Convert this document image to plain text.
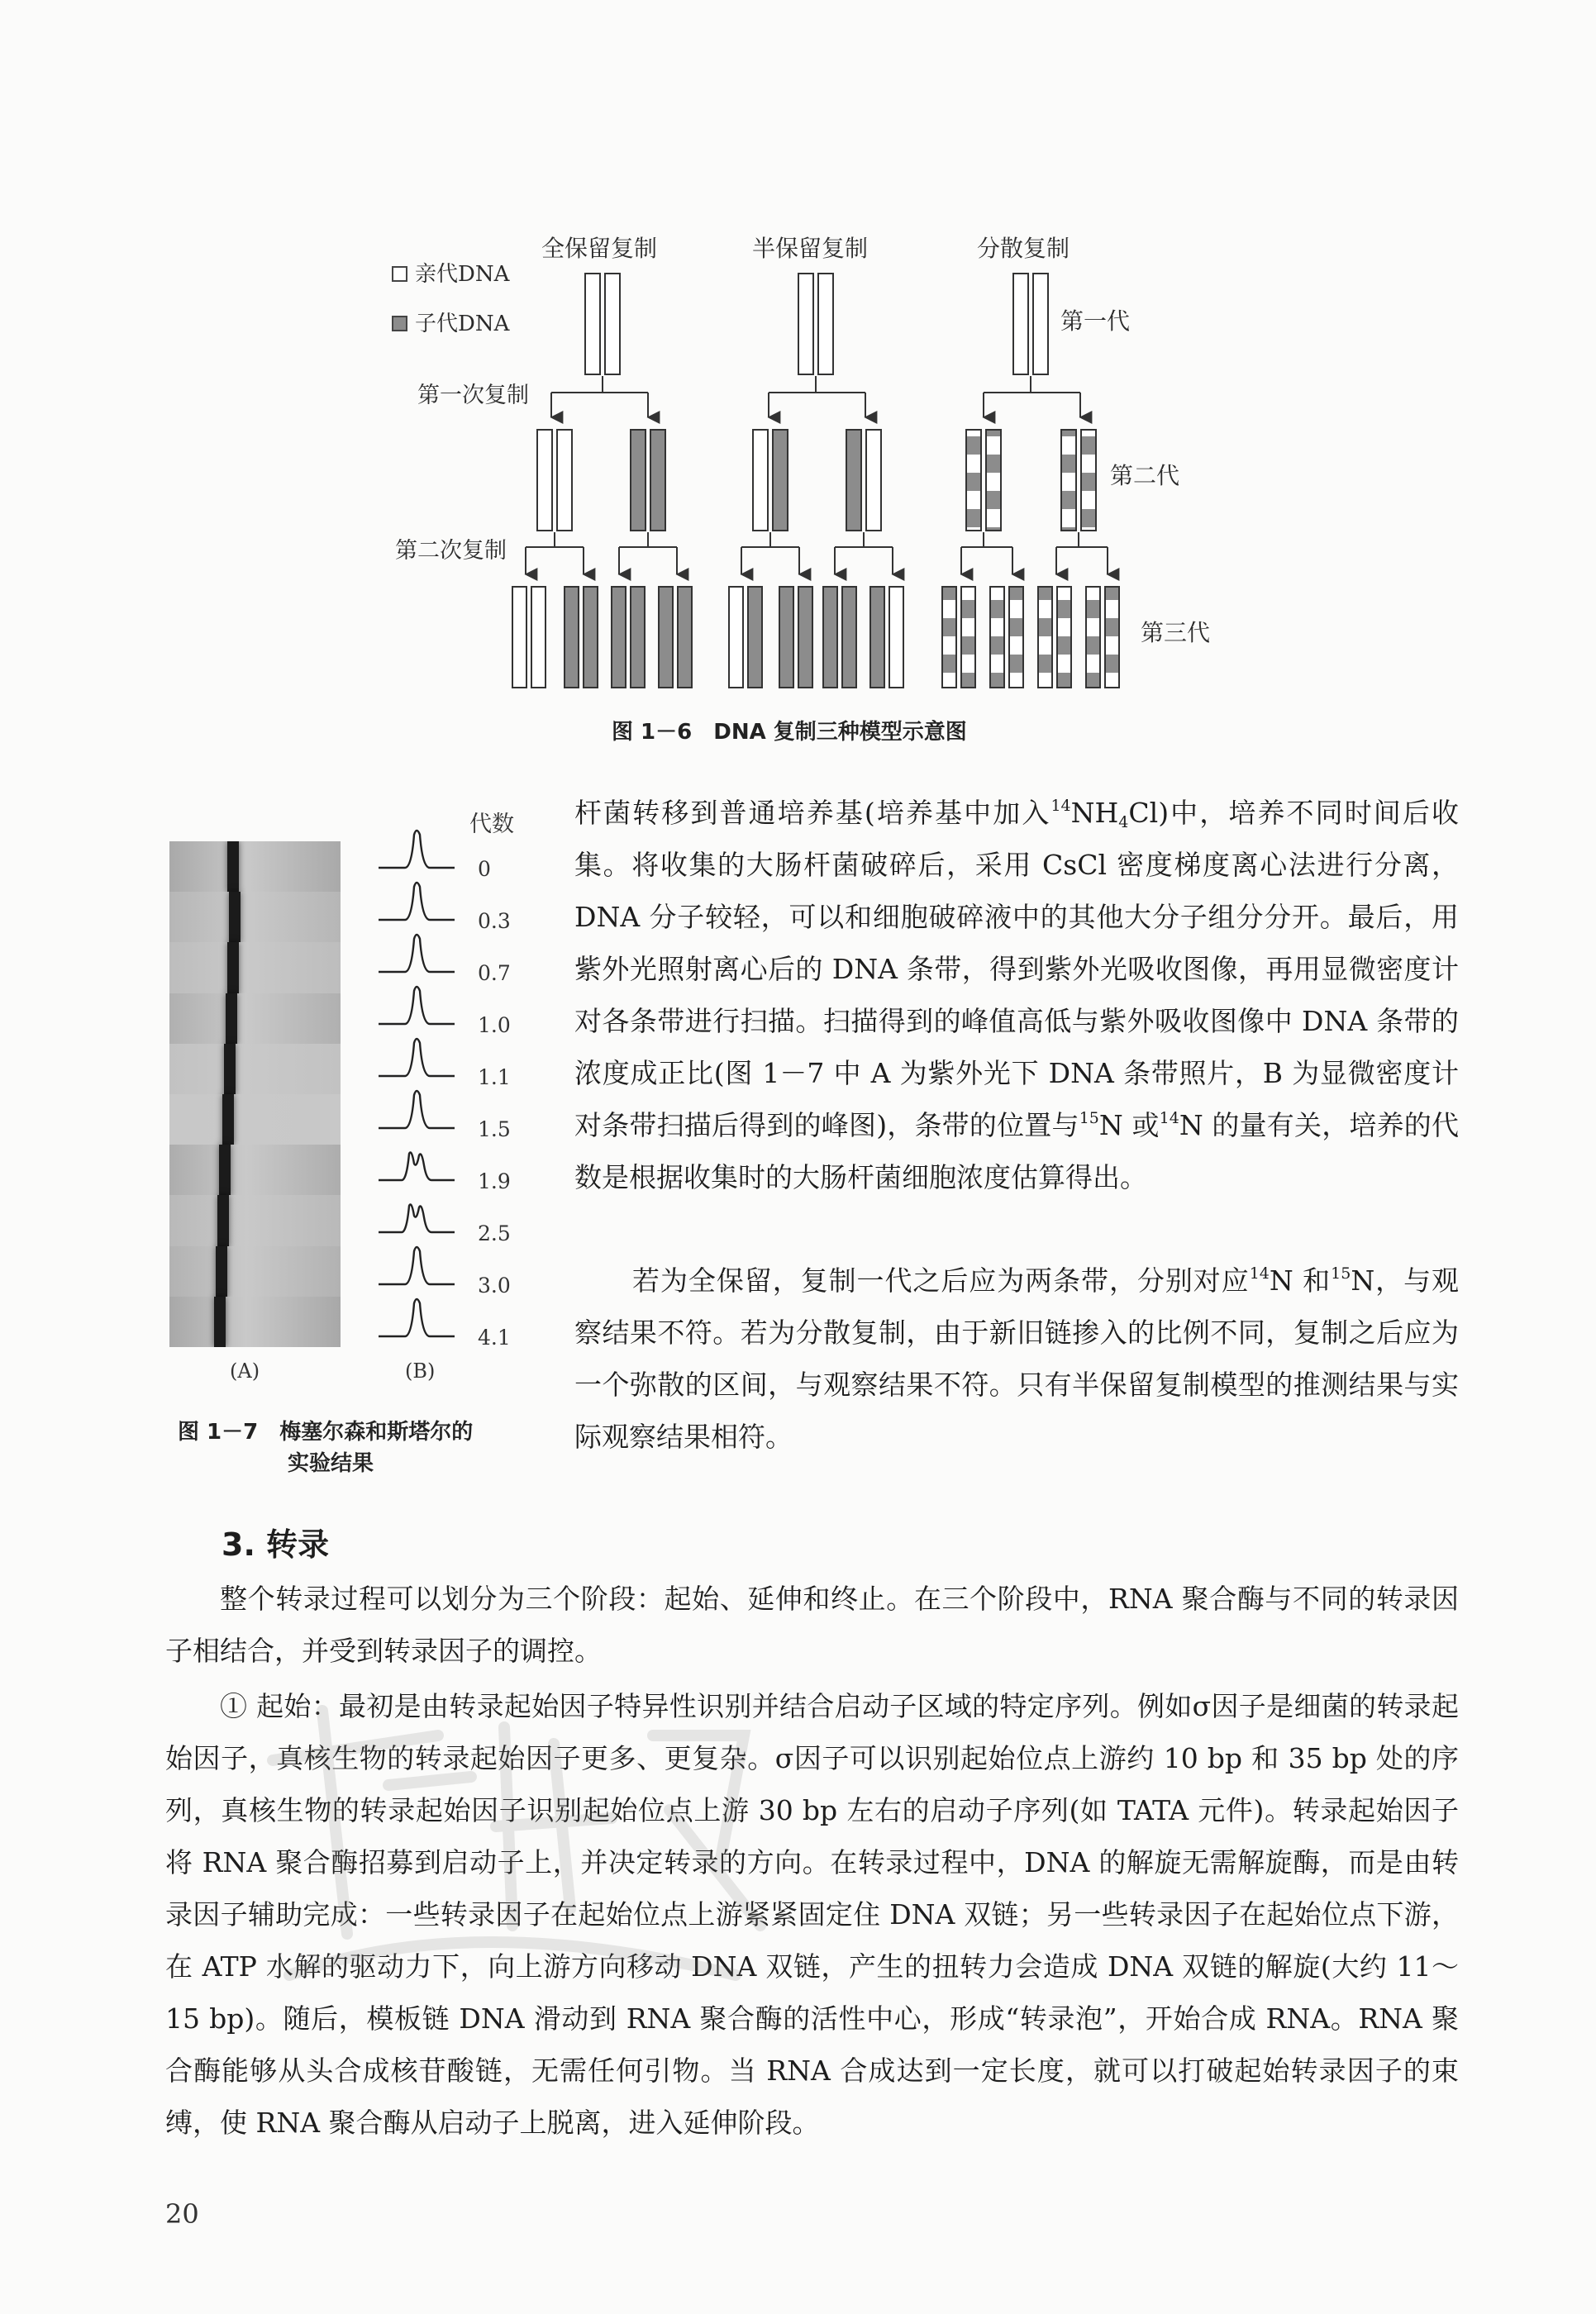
亲代DNA
子代DNA
全保留复制	半保留复制	分散复制
第一次复制
第二次复制
第一代
第二代
第三代
图 1－6　DNA 复制三种模型示意图
代数
0
0.3
0.7
1.0
1.1
1.5
1.9
2.5
3.0
4.1
(A)	(B)
图 1－7　梅塞尔森和斯塔尔的
实验结果

杆菌转移到普通培养基(培养基中加入$^{14}NH_4Cl$)中，培养不同时间后收集。将收集的大肠杆菌破碎后，采用 CsCl 密度梯度离心法进行分离，DNA 分子较轻，可以和细胞破碎液中的其他大分子组分分开。最后，用紫外光照射离心后的 DNA 条带，得到紫外光吸收图像，再用显微密度计对各条带进行扫描。扫描得到的峰值高低与紫外吸收图像中 DNA 条带的浓度成正比(图 1－7 中 A 为紫外光下 DNA 条带照片，B 为显微密度计对条带扫描后得到的峰图)，条带的位置与$^{15}$N 或$^{14}$N 的量有关，培养的代数是根据收集时的大肠杆菌细胞浓度估算得出。

若为全保留，复制一代之后应为两条带，分别对应$^{14}$N 和$^{15}$N，与观察结果不符。若为分散复制，由于新旧链掺入的比例不同，复制之后应为一个弥散的区间，与观察结果不符。只有半保留复制模型的推测结果与实际观察结果相符。

3. 转录

整个转录过程可以划分为三个阶段：起始、延伸和终止。在三个阶段中，RNA 聚合酶与不同的转录因子相结合，并受到转录因子的调控。

① 起始：最初是由转录起始因子特异性识别并结合启动子区域的特定序列。例如σ因子是细菌的转录起始因子，真核生物的转录起始因子更多、更复杂。σ因子可以识别起始位点上游约 10 bp 和 35 bp 处的序列，真核生物的转录起始因子识别起始位点上游 30 bp 左右的启动子序列(如 TATA 元件)。转录起始因子将 RNA 聚合酶招募到启动子上，并决定转录的方向。在转录过程中，DNA 的解旋无需解旋酶，而是由转录因子辅助完成：一些转录因子在起始位点上游紧紧固定住 DNA 双链；另一些转录因子在起始位点下游，在 ATP 水解的驱动力下，向上游方向移动 DNA 双链，产生的扭转力会造成 DNA 双链的解旋(大约 11～15 bp)。随后，模板链 DNA 滑动到 RNA 聚合酶的活性中心，形成“转录泡”，开始合成 RNA。RNA 聚合酶能够从头合成核苷酸链，无需任何引物。当 RNA 合成达到一定长度，就可以打破起始转录因子的束缚，使 RNA 聚合酶从启动子上脱离，进入延伸阶段。

20
